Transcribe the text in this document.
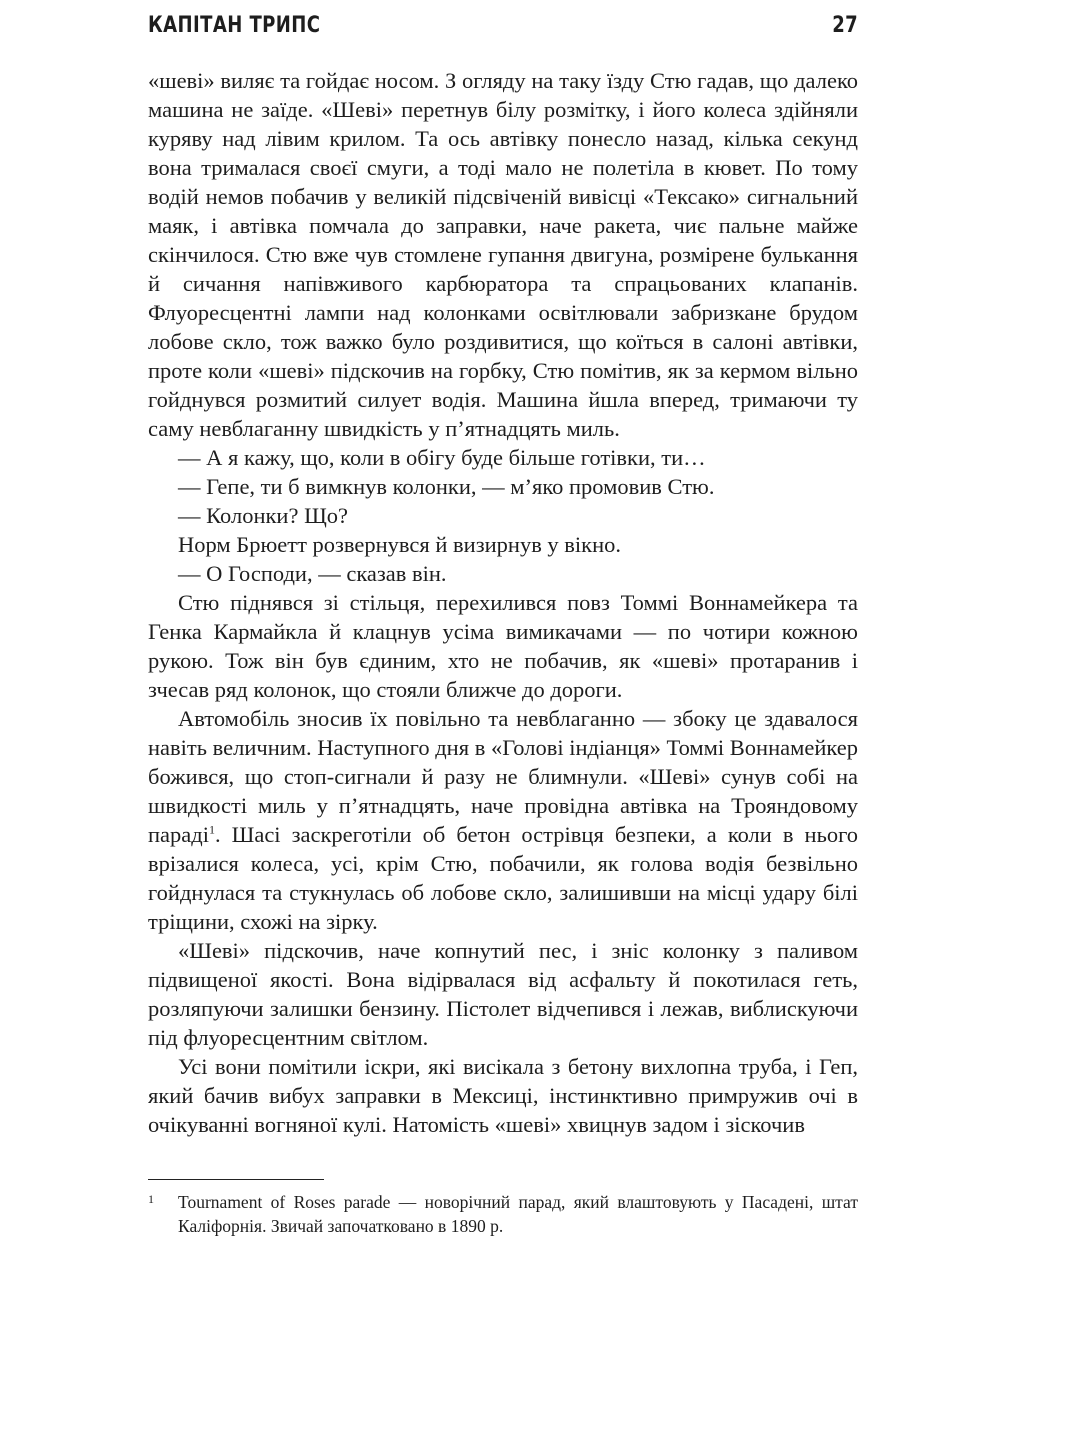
КАПІТАН ТРИПС	27

«шеві» виляє та гойдає носом. З огляду на таку їзду Стю гадав, що далеко машина не заїде. «Шеві» перетнув білу розмітку, і його колеса здійняли куряву над лівим крилом. Та ось автівку понесло назад, кілька секунд вона трималася своєї смуги, а тоді мало не полетіла в кювет. По тому водій немов побачив у великій підсвіченій вивісці «Тексако» сигнальний маяк, і автівка помчала до заправки, наче ракета, чиє пальне майже скінчилося. Стю вже чув стомлене гупання двигуна, розмірене булькання й сичання напівживого карбюратора та спрацьованих клапанів. Флуоресцентні лампи над колонками освітлювали забризкане брудом лобове скло, тож важко було роздивитися, що коїться в салоні автівки, проте коли «шеві» підскочив на горбку, Стю помітив, як за кермом вільно гойднувся розмитий силует водія. Машина йшла вперед, тримаючи ту саму невблаганну швидкість у п’ятнадцять миль.

— А я кажу, що, коли в обігу буде більше готівки, ти…

— Гепе, ти б вимкнув колонки, — м’яко промовив Стю.

— Колонки? Що?

Норм Брюетт розвернувся й визирнув у вікно.

— О Господи, — сказав він.

Стю піднявся зі стільця, перехилився повз Томмі Воннамейкера та Генка Кармайкла й клацнув усіма вимикачами — по чотири кожною рукою. Тож він був єдиним, хто не побачив, як «шеві» протаранив і зчесав ряд колонок, що стояли ближче до дороги.

Автомобіль зносив їх повільно та невблаганно — збоку це здавалося навіть величним. Наступного дня в «Голові індіанця» Томмі Воннамейкер божився, що стоп-сигнали й разу не блимнули. «Шеві» сунув собі на швидкості миль у п’ятнадцять, наче провідна автівка на Трояндовому параді$^1$. Шасі заскреготіли об бетон острівця безпеки, а коли в нього врізалися колеса, усі, крім Стю, побачили, як голова водія безвільно гойднулася та стукнулась об лобове скло, залишивши на місці удару білі тріщини, схожі на зірку.

«Шеві» підскочив, наче копнутий пес, і зніс колонку з паливом підвищеної якості. Вона відірвалася від асфальту й покотилася геть, розляпуючи залишки бензину. Пістолет відчепився і лежав, виблискуючи під флуоресцентним світлом.

Усі вони помітили іскри, які висікала з бетону вихлопна труба, і Геп, який бачив вибух заправки в Мексиці, інстинктивно примружив очі в очікуванні вогняної кулі. Натомість «шеві» хвицнув задом і зіскочив

1	Tournament of Roses parade — новорічний парад, який влаштовують у Пасадені, штат Каліфорнія. Звичай започатковано в 1890 р.
